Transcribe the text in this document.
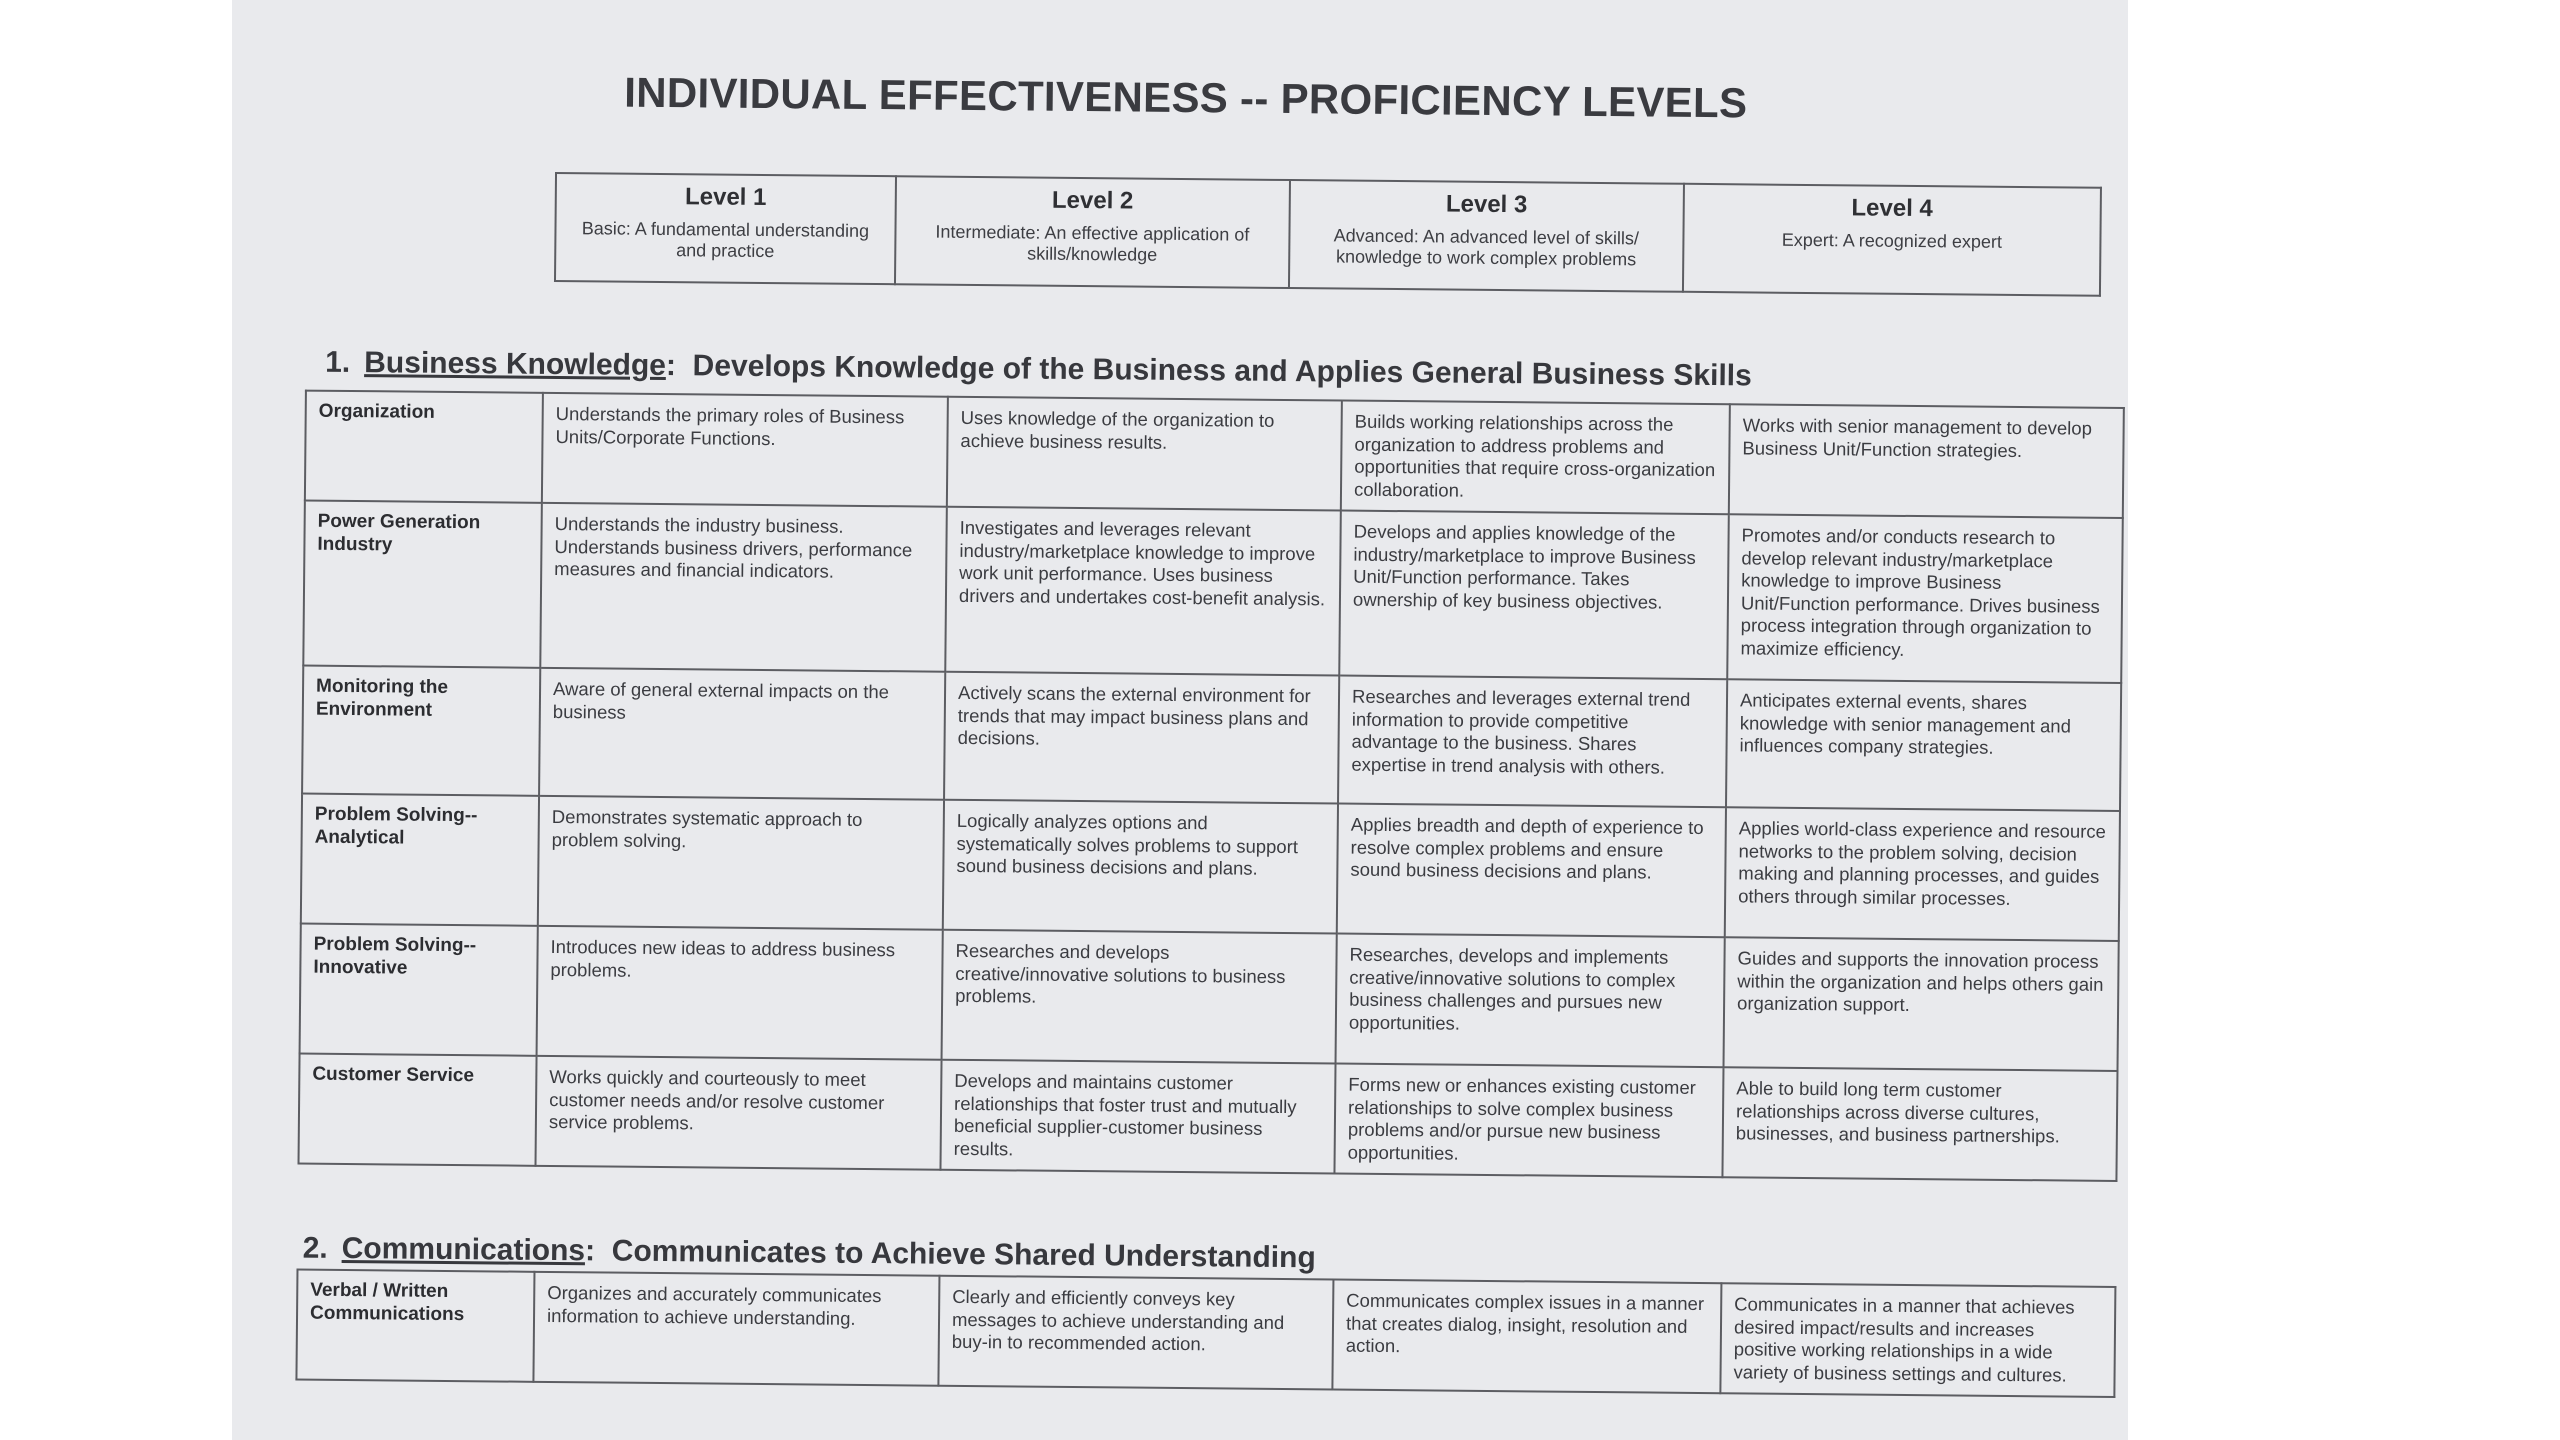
INDIVIDUAL EFFECTIVENESS -- PROFICIENCY LEVELS
Level 1
Basic: A fundamental understanding and practice

Level 2
Intermediate: An effective application of skills/knowledge

Level 3
Advanced: An advanced level of skills/ knowledge to work complex problems

Level 4
Expert: A recognized expert
1. Business Knowledge:  Develops Knowledge of the Business and Applies General Business Skills
Organization	Understands the primary roles of Business Units/Corporate Functions.	Uses knowledge of the organization to achieve business results.	Builds working relationships across the organization to address problems and opportunities that require cross-organization collaboration.	Works with senior management to develop Business Unit/Function strategies.
Power Generation Industry	Understands the industry business. Understands business drivers, performance measures and financial indicators.	Investigates and leverages relevant industry/marketplace knowledge to improve work unit performance. Uses business drivers and undertakes cost-benefit analysis.	Develops and applies knowledge of the industry/marketplace to improve Business Unit/Function performance. Takes ownership of key business objectives.	Promotes and/or conducts research to develop relevant industry/marketplace knowledge to improve Business Unit/Function performance. Drives business process integration through organization to maximize efficiency.
Monitoring the Environment	Aware of general external impacts on the business	Actively scans the external environment for trends that may impact business plans and decisions.	Researches and leverages external trend information to provide competitive advantage to the business. Shares expertise in trend analysis with others.	Anticipates external events, shares knowledge with senior management and influences company strategies.
Problem Solving--Analytical	Demonstrates systematic approach to problem solving.	Logically analyzes options and systematically solves problems to support sound business decisions and plans.	Applies breadth and depth of experience to resolve complex problems and ensure sound business decisions and plans.	Applies world-class experience and resource networks to the problem solving, decision making and planning processes, and guides others through similar processes.
Problem Solving--Innovative	Introduces new ideas to address business problems.	Researches and develops creative/innovative solutions to business problems.	Researches, develops and implements creative/innovative solutions to complex business challenges and pursues new opportunities.	Guides and supports the innovation process within the organization and helps others gain organization support.
Customer Service	Works quickly and courteously to meet customer needs and/or resolve customer service problems.	Develops and maintains customer relationships that foster trust and mutually beneficial supplier-customer business results.	Forms new or enhances existing customer relationships to solve complex business problems and/or pursue new business opportunities.	Able to build long term customer relationships across diverse cultures, businesses, and business partnerships.
2. Communications:  Communicates to Achieve Shared Understanding
Verbal / Written Communications	Organizes and accurately communicates information to achieve understanding.	Clearly and efficiently conveys key messages to achieve understanding and buy-in to recommended action.	Communicates complex issues in a manner that creates dialog, insight, resolution and action.	Communicates in a manner that achieves desired impact/results and increases positive working relationships in a wide variety of business settings and cultures.
